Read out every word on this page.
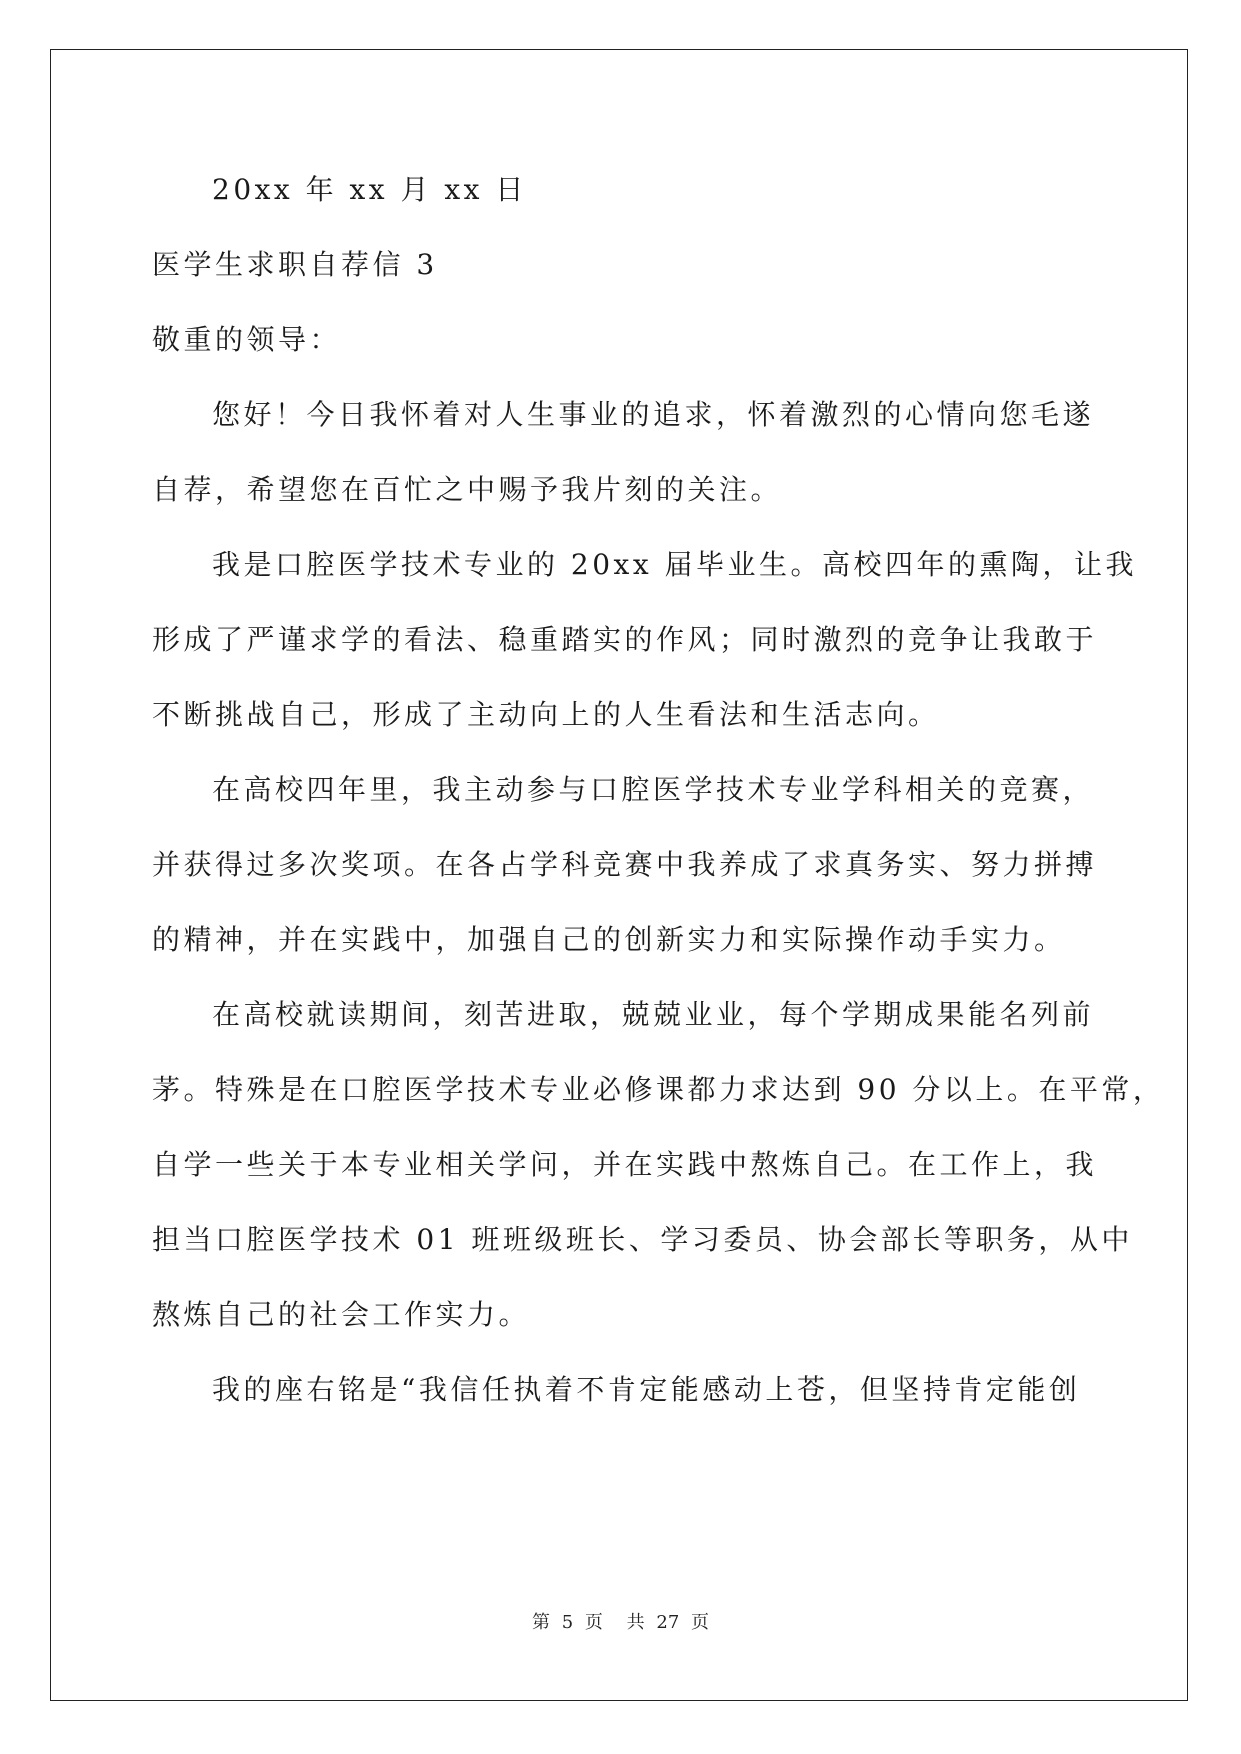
20xx 年 xx 月 xx 日
医学生求职自荐信 3
敬重的领导：
您好！今日我怀着对人生事业的追求，怀着激烈的心情向您毛遂
自荐，希望您在百忙之中赐予我片刻的关注。
我是口腔医学技术专业的 20xx 届毕业生。高校四年的熏陶，让我
形成了严谨求学的看法、稳重踏实的作风；同时激烈的竞争让我敢于
不断挑战自己，形成了主动向上的人生看法和生活志向。
在高校四年里，我主动参与口腔医学技术专业学科相关的竞赛，
并获得过多次奖项。在各占学科竞赛中我养成了求真务实、努力拼搏
的精神，并在实践中，加强自己的创新实力和实际操作动手实力。
在高校就读期间，刻苦进取，兢兢业业，每个学期成果能名列前
茅。特殊是在口腔医学技术专业必修课都力求达到 90 分以上。在平常，
自学一些关于本专业相关学问，并在实践中熬炼自己。在工作上，我
担当口腔医学技术 01 班班级班长、学习委员、协会部长等职务，从中
熬炼自己的社会工作实力。
我的座右铭是“我信任执着不肯定能感动上苍，但坚持肯定能创
第 5 页 共 27 页
